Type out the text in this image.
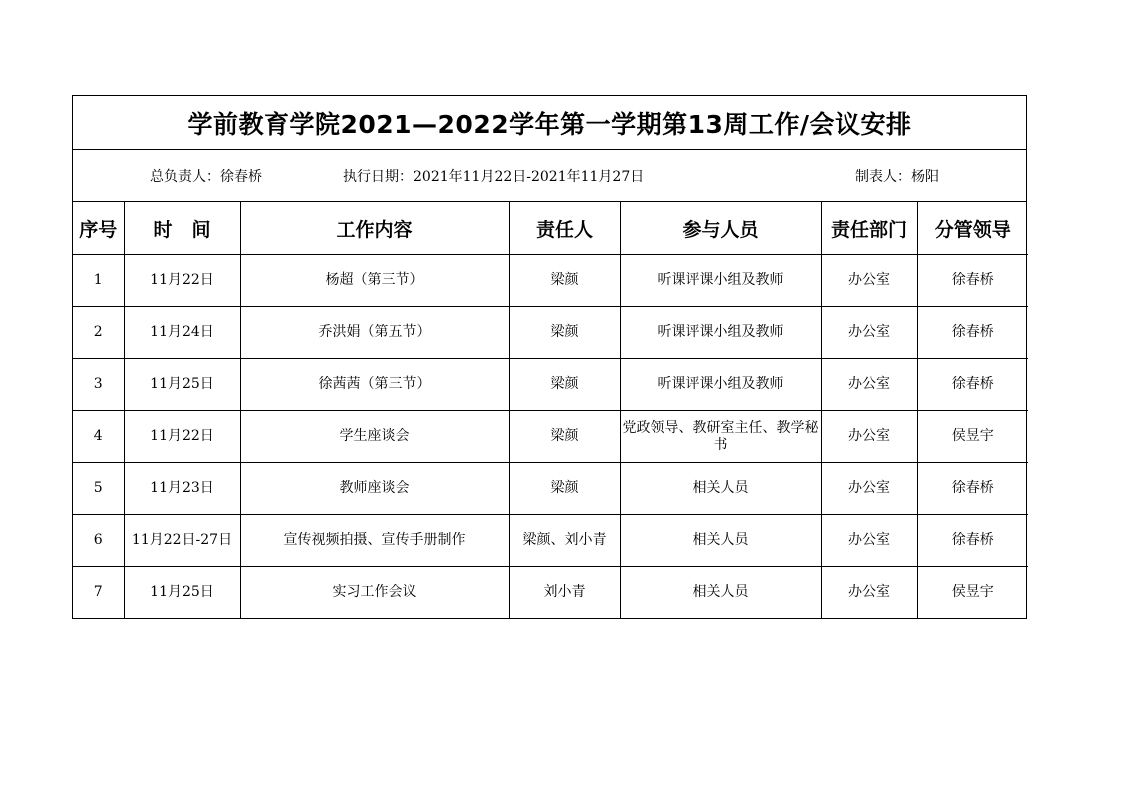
学前教育学院2021—2022学年第一学期第13周工作/会议安排
总负责人：徐春桥	执行日期：2021年11月22日-2021年11月27日	制表人：杨阳
序号	时　间	工作内容	责任人	参与人员	责任部门	分管领导
1	11月22日	杨超（第三节）	梁颜	听课评课小组及教师	办公室	徐春桥
2	11月24日	乔洪娟（第五节）	梁颜	听课评课小组及教师	办公室	徐春桥
3	11月25日	徐茜茜（第三节）	梁颜	听课评课小组及教师	办公室	徐春桥
4	11月22日	学生座谈会	梁颜	党政领导、教研室主任、教学秘书	办公室	侯昱宇
5	11月23日	教师座谈会	梁颜	相关人员	办公室	徐春桥
6	11月22日-27日	宣传视频拍摄、宣传手册制作	梁颜、刘小青	相关人员	办公室	徐春桥
7	11月25日	实习工作会议	刘小青	相关人员	办公室	侯昱宇
